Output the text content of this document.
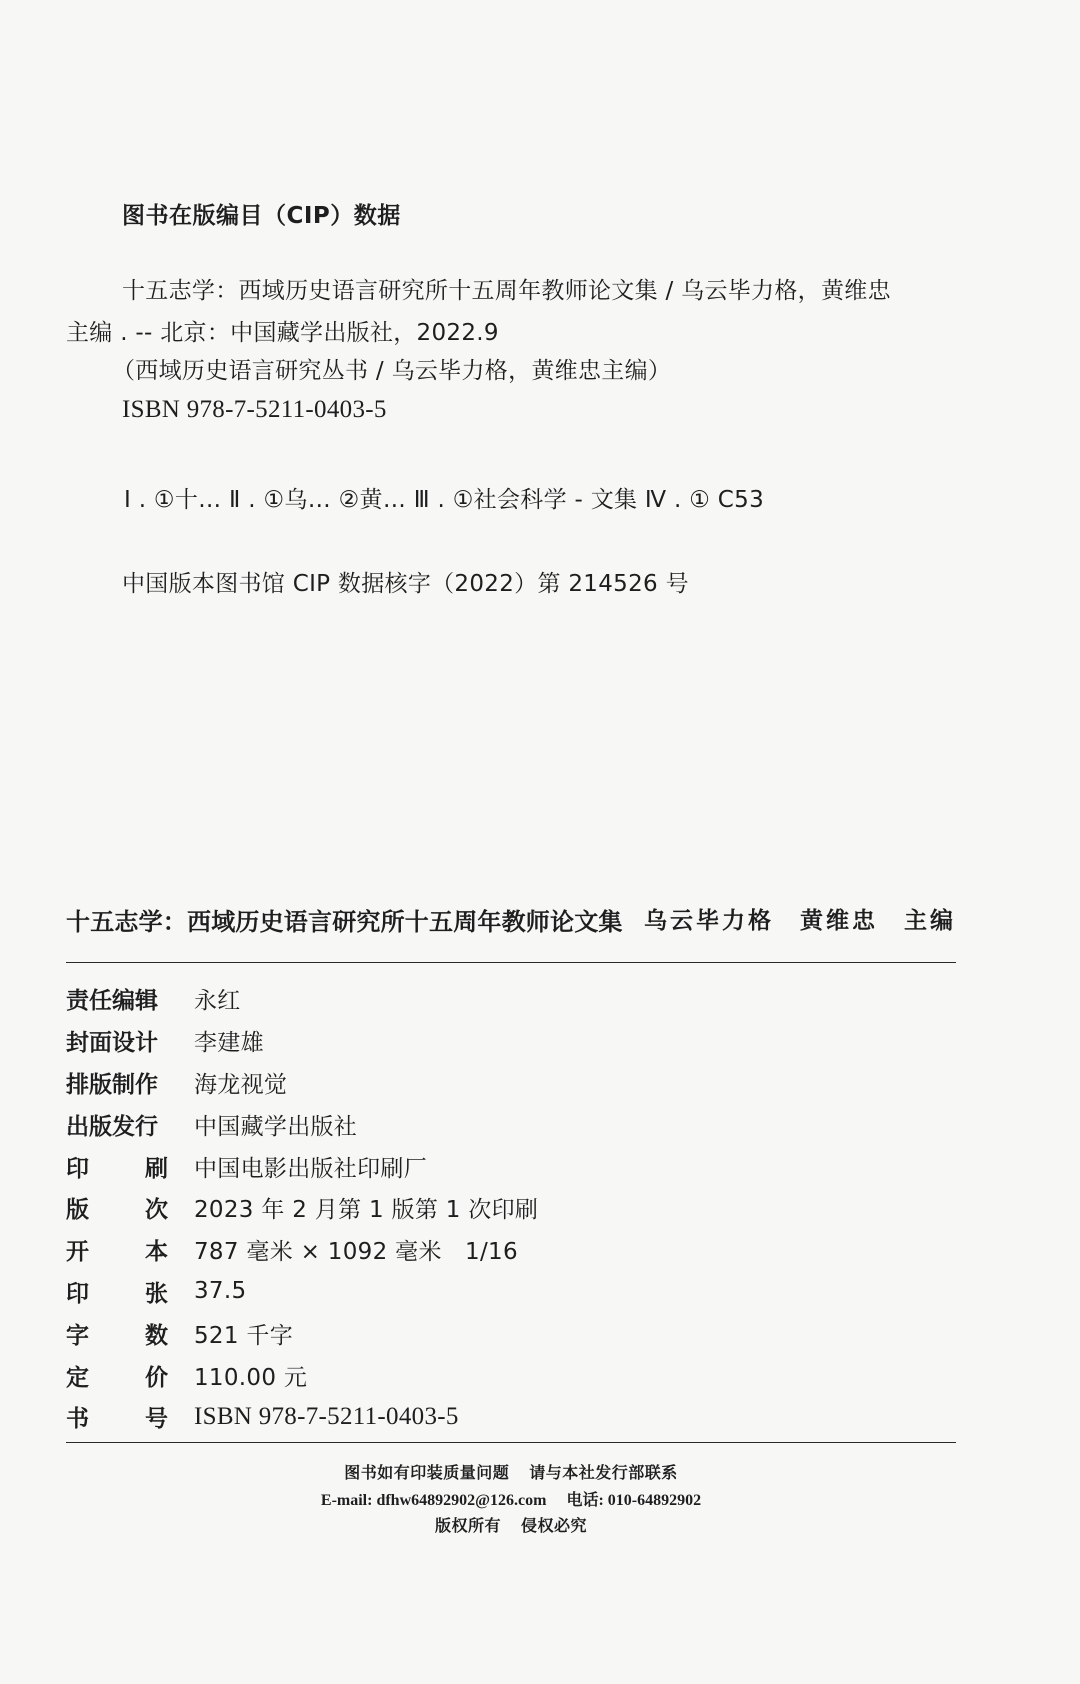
图书在版编目（CIP）数据
十五志学：西域历史语言研究所十五周年教师论文集 / 乌云毕力格，黄维忠
主编 . -- 北京：中国藏学出版社，2022.9
（西域历史语言研究丛书 / 乌云毕力格，黄维忠主编）
ISBN 978-7-5211-0403-5
Ⅰ . ①十… Ⅱ . ①乌… ②黄… Ⅲ . ①社会科学 - 文集 Ⅳ . ① C53
中国版本图书馆 CIP 数据核字（2022）第 214526 号
十五志学：西域历史语言研究所十五周年教师论文集 乌云毕力格　黄维忠　主编
责任编辑	永红
封面设计	李建雄
排版制作	海龙视觉
出版发行	中国藏学出版社
印 刷 中国电影出版社印刷厂
版 次 2023 年 2 月第 1 版第 1 次印刷
开 本 787 毫米 × 1092 毫米　1/16
印 张 37.5
字 数 521 千字
定 价 110.00 元
书 号 ISBN 978-7-5211-0403-5
图书如有印装质量问题 请与本社发行部联系
E-mail: dfhw64892902@126.com 电话: 010-64892902
版权所有 侵权必究
